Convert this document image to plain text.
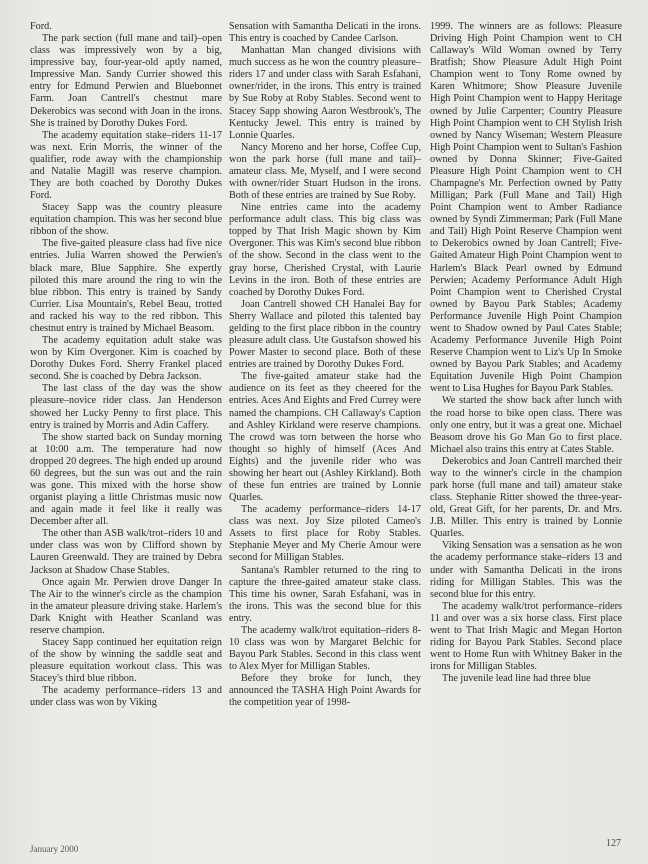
Ford.

The park section (full mane and tail)–open class was impressively won by a big, impressive bay, four-year-old aptly named, Impressive Man. Sandy Currier showed this entry for Edmund Perwien and Bluebonnet Farm. Joan Cantrell's chestnut mare Dekerobics was second with Joan in the irons. She is trained by Dorothy Dukes Ford.

The academy equitation stake–riders 11-17 was next. Erin Morris, the winner of the qualifier, rode away with the championship and Natalie Magill was reserve champion. They are both coached by Dorothy Dukes Ford.

Stacey Sapp was the country pleasure equitation champion. This was her second blue ribbon of the show.

The five-gaited pleasure class had five nice entries. Julia Warren showed the Perwien's black mare, Blue Sapphire. She expertly piloted this mare around the ring to win the blue ribbon. This entry is trained by Sandy Currier. Lisa Mountain's, Rebel Beau, trotted and racked his way to the red ribbon. This chestnut entry is trained by Michael Beasom.

The academy equitation adult stake was won by Kim Overgoner. Kim is coached by Dorothy Dukes Ford. Sherry Frankel placed second. She is coached by Debra Jackson.

The last class of the day was the show pleasure–novice rider class. Jan Henderson showed her Lucky Penny to first place. This entry is trained by Morris and Adin Caffery.

The show started back on Sunday morning at 10:00 a.m. The temperature had now dropped 20 degrees. The high ended up around 60 degrees, but the sun was out and the rain was gone. This mixed with the horse show organist playing a little Christmas music now and again made it feel like it really was December after all.

The other than ASB walk/trot–riders 10 and under class was won by Clifford shown by Lauren Greenwald. They are trained by Debra Jackson at Shadow Chase Stables.

Once again Mr. Perwien drove Danger In The Air to the winner's circle as the champion in the amateur pleasure driving stake. Harlem's Dark Knight with Heather Scanland was reserve champion.

Stacey Sapp continued her equitation reign of the show by winning the saddle seat and pleasure equitation workout class. This was Stacey's third blue ribbon.

The academy performance–riders 13 and under class was won by Viking

Sensation with Samantha Delicati in the irons. This entry is coached by Candee Carlson.

Manhattan Man changed divisions with much success as he won the country pleasure–riders 17 and under class with Sarah Esfahani, owner/rider, in the irons. This entry is trained by Sue Roby at Roby Stables. Second went to Stacey Sapp showing Aaron Westbrook's, The Kentucky Jewel. This entry is trained by Lonnie Quarles.

Nancy Moreno and her horse, Coffee Cup, won the park horse (full mane and tail)–amateur class. Me, Myself, and I were second with owner/rider Stuart Hudson in the irons. Both of these entries are trained by Sue Roby.

Nine entries came into the academy performance adult class. This big class was topped by That Irish Magic shown by Kim Overgoner. This was Kim's second blue ribbon of the show. Second in the class went to the gray horse, Cherished Crystal, with Laurie Levins in the iron. Both of these entries are coached by Dorothy Dukes Ford.

Joan Cantrell showed CH Hanalei Bay for Sherry Wallace and piloted this talented bay gelding to the first place ribbon in the country pleasure adult class. Ute Gustafson showed his Power Master to second place. Both of these entries are trained by Dorothy Dukes Ford.

The five-gaited amateur stake had the audience on its feet as they cheered for the entries. Aces And Eights and Fred Currey were named the champions. CH Callaway's Caption and Ashley Kirkland were reserve champions. The crowd was torn between the horse who thought so highly of himself (Aces And Eights) and the juvenile rider who was showing her heart out (Ashley Kirkland). Both of these fun entries are trained by Lonnie Quarles.

The academy performance–riders 14-17 class was next. Joy Size piloted Cameo's Assets to first place for Roby Stables. Stephanie Meyer and My Cherie Amour were second for Milligan Stables.

Santana's Rambler returned to the ring to capture the three-gaited amateur stake class. This time his owner, Sarah Esfahani, was in the irons. This was the second blue for this entry.

The academy walk/trot equitation–riders 8-10 class was won by Margaret Belchic for Bayou Park Stables. Second in this class went to Alex Myer for Milligan Stables.

Before they broke for lunch, they announced the TASHA High Point Awards for the competition year of 1998-

1999. The winners are as follows: Pleasure Driving High Point Champion went to CH Callaway's Wild Woman owned by Terry Bratfish; Show Pleasure Adult High Point Champion went to Tony Rome owned by Karen Whitmore; Show Pleasure Juvenile High Point Champion went to Happy Heritage owned by Julie Carpenter; Country Pleasure High Point Champion went to CH Stylish Irish owned by Nancy Wiseman; Western Pleasure High Point Champion went to Sultan's Fashion owned by Donna Skinner; Five-Gaited Pleasure High Point Champion went to CH Champagne's Mr. Perfection owned by Patty Milligan; Park (Full Mane and Tail) High Point Champion went to Amber Radiance owned by Syndi Zimmerman; Park (Full Mane and Tail) High Point Reserve Champion went to Dekerobics owned by Joan Cantrell; Five-Gaited Amateur High Point Champion went to Harlem's Black Pearl owned by Edmund Perwien; Academy Performance Adult High Point Champion went to Cherished Crystal owned by Bayou Park Stables; Academy Performance Juvenile High Point Champion went to Shadow owned by Paul Cates Stable; Academy Performance Juvenile High Point Reserve Champion went to Liz's Up In Smoke owned by Bayou Park Stables; and Academy Equitation Juvenile High Point Champion went to Lisa Hughes for Bayou Park Stables.

We started the show back after lunch with the road horse to bike open class. There was only one entry, but it was a great one. Michael Beasom drove his Go Man Go to first place. Michael also trains this entry at Cates Stable.

Dekerobics and Joan Cantrell marched their way to the winner's circle in the champion park horse (full mane and tail) amateur stake class. Stephanie Ritter showed the three-year-old, Great Gift, for her parents, Dr. and Mrs. J.B. Miller. This entry is trained by Lonnie Quarles.

Viking Sensation was a sensation as he won the academy performance stake–riders 13 and under with Samantha Delicati in the irons riding for Milligan Stables. This was the second blue for this entry.

The academy walk/trot performance–riders 11 and over was a six horse class. First place went to That Irish Magic and Megan Horton riding for Bayou Park Stables. Second place went to Home Run with Whitney Baker in the irons for Milligan Stables.

The juvenile lead line had three blue

January 2000	127
